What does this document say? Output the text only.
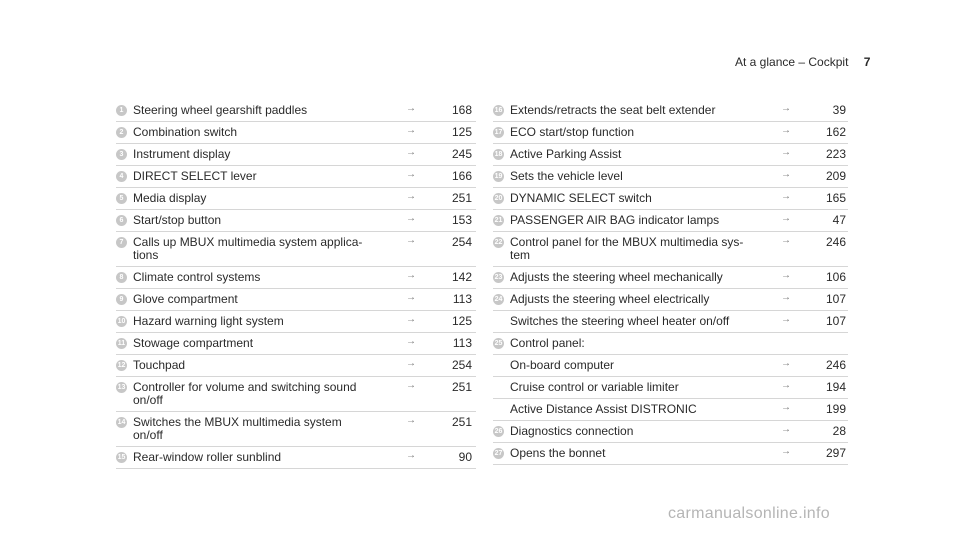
At a glance – Cockpit 7
1 Steering wheel gearshift paddles	→	168
2 Combination switch	→	125
3 Instrument display	→	245
4 DIRECT SELECT lever	→	166
5 Media display	→	251
6 Start/stop button	→	153
7 Calls up MBUX multimedia system applica-
tions
→	254
8 Climate control systems	→	142
9 Glove compartment	→	113
10 Hazard warning light system	→	125
11 Stowage compartment	→	113
12 Touchpad	→	254
13 Controller for volume and switching sound
on/off
→	251
14 Switches the MBUX multimedia system
on/off
→	251
15 Rear-window roller sunblind	→	90
16 Extends/retracts the seat belt extender	→	39
17 ECO start/stop function	→	162
18 Active Parking Assist	→	223
19 Sets the vehicle level	→	209
20 DYNAMIC SELECT switch	→	165
21 PASSENGER AIR BAG indicator lamps	→	47
22 Control panel for the MBUX multimedia sys-
tem
→	246
23 Adjusts the steering wheel mechanically	→	106
24 Adjusts the steering wheel electrically	→	107
Switches the steering wheel heater on/off	→	107
25 Control panel:
On-board computer	→	246
Cruise control or variable limiter	→	194
Active Distance Assist DISTRONIC	→	199
26 Diagnostics connection	→	28
27 Opens the bonnet	→	297
carmanualsonline.info
